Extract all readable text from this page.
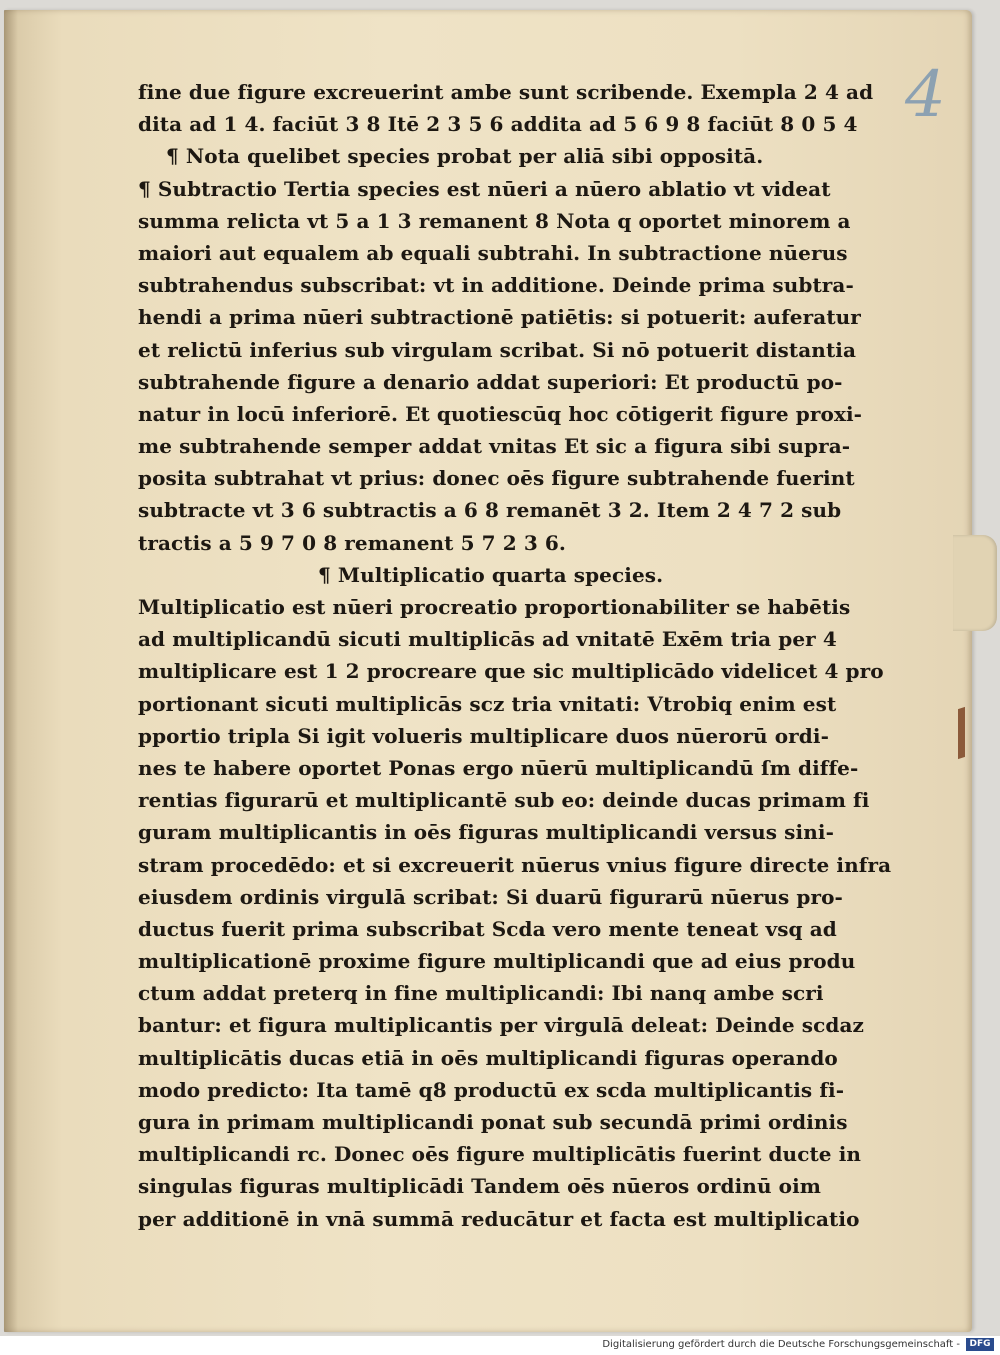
4
fine due figure excreuerint ambe sunt scribende. Exempla 2 4 ad
dita ad 1 4. faciūt 3 8 Itē 2 3 5 6 addita ad 5 6 9 8 faciūt 8 0 5 4
¶ Nota quelibet species probat per aliā sibi oppositā.
¶ Subtractio Tertia species est nūeri a nūero ablatio vt videat
summa relicta vt 5 a 1 3 remanent 8 Nota q oportet minorem a
maiori aut equalem ab equali subtrahi. In subtractione nūerus
subtrahendus subscribat: vt in additione. Deinde prima subtra-
hendi a prima nūeri subtractionē patiētis: si potuerit: auferatur
et relictū inferius sub virgulam scribat. Si nō potuerit distantia
subtrahende figure a denario addat superiori: Et productū po-
natur in locū inferiorē. Et quotiescūq hoc cōtigerit figure proxi-
me subtrahende semper addat vnitas Et sic a figura sibi supra-
posita subtrahat vt prius: donec oēs figure subtrahende fuerint
subtracte vt 3 6 subtractis a 6 8 remanēt 3 2. Item 2 4 7 2 sub
tractis a 5 9 7 0 8 remanent 5 7 2 3 6.
¶ Multiplicatio quarta species.
Multiplicatio est nūeri procreatio proportionabiliter se habētis
ad multiplicandū sicuti multiplicās ad vnitatē Exēm tria per 4
multiplicare est 1 2 procreare que sic multiplicādo videlicet 4 pro
portionant sicuti multiplicās scz tria vnitati: Vtrobiq enim est
pportio tripla Si igit volueris multiplicare duos nūerorū ordi-
nes te habere oportet Ponas ergo nūerū multiplicandū ſm diffe-
rentias figurarū et multiplicantē sub eo: deinde ducas primam fi
guram multiplicantis in oēs figuras multiplicandi versus sini-
stram procedēdo: et si excreuerit nūerus vnius figure directe infra
eiusdem ordinis virgulā scribat: Si duarū figurarū nūerus pro-
ductus fuerit prima subscribat Scda vero mente teneat vsq ad
multiplicationē proxime figure multiplicandi que ad eius produ
ctum addat preterq in fine multiplicandi: Ibi nanq ambe scri
bantur: et figura multiplicantis per virgulā deleat: Deinde scdaz
multiplicātis ducas etiā in oēs multiplicandi figuras operando
modo predicto: Ita tamē q8 productū ex scda multiplicantis fi-
gura in primam multiplicandi ponat sub secundā primi ordinis
multiplicandi rc. Donec oēs figure multiplicātis fuerint ducte in
singulas figuras multiplicādi Tandem oēs nūeros ordinū oim
per additionē in vnā summā reducātur et facta est multiplicatio
Digitalisierung gefördert durch die Deutsche Forschungsgemeinschaft -	DFG
